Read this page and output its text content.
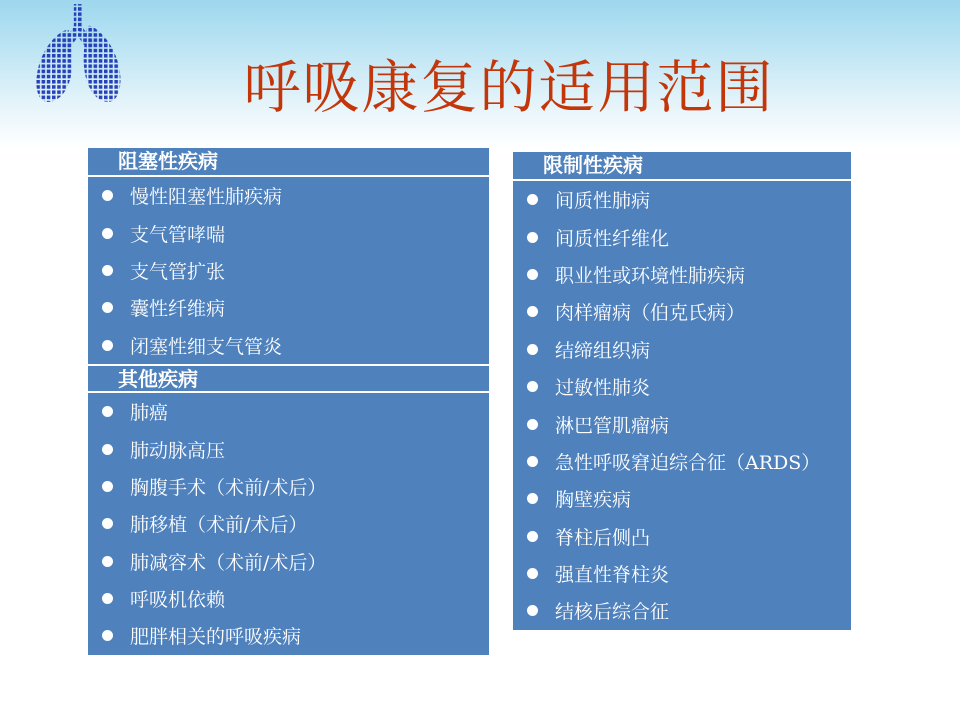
呼吸康复的适用范围
阻塞性疾病
慢性阻塞性肺疾病
支气管哮喘
支气管扩张
囊性纤维病
闭塞性细支气管炎
其他疾病
肺癌
肺动脉高压
胸腹手术（术前/术后）
肺移植（术前/术后）
肺减容术（术前/术后）
呼吸机依赖
肥胖相关的呼吸疾病
限制性疾病
间质性肺病
间质性纤维化
职业性或环境性肺疾病
肉样瘤病（伯克氏病）
结缔组织病
过敏性肺炎
淋巴管肌瘤病
急性呼吸窘迫综合征（ARDS）
胸壁疾病
脊柱后侧凸
强直性脊柱炎
结核后综合征
